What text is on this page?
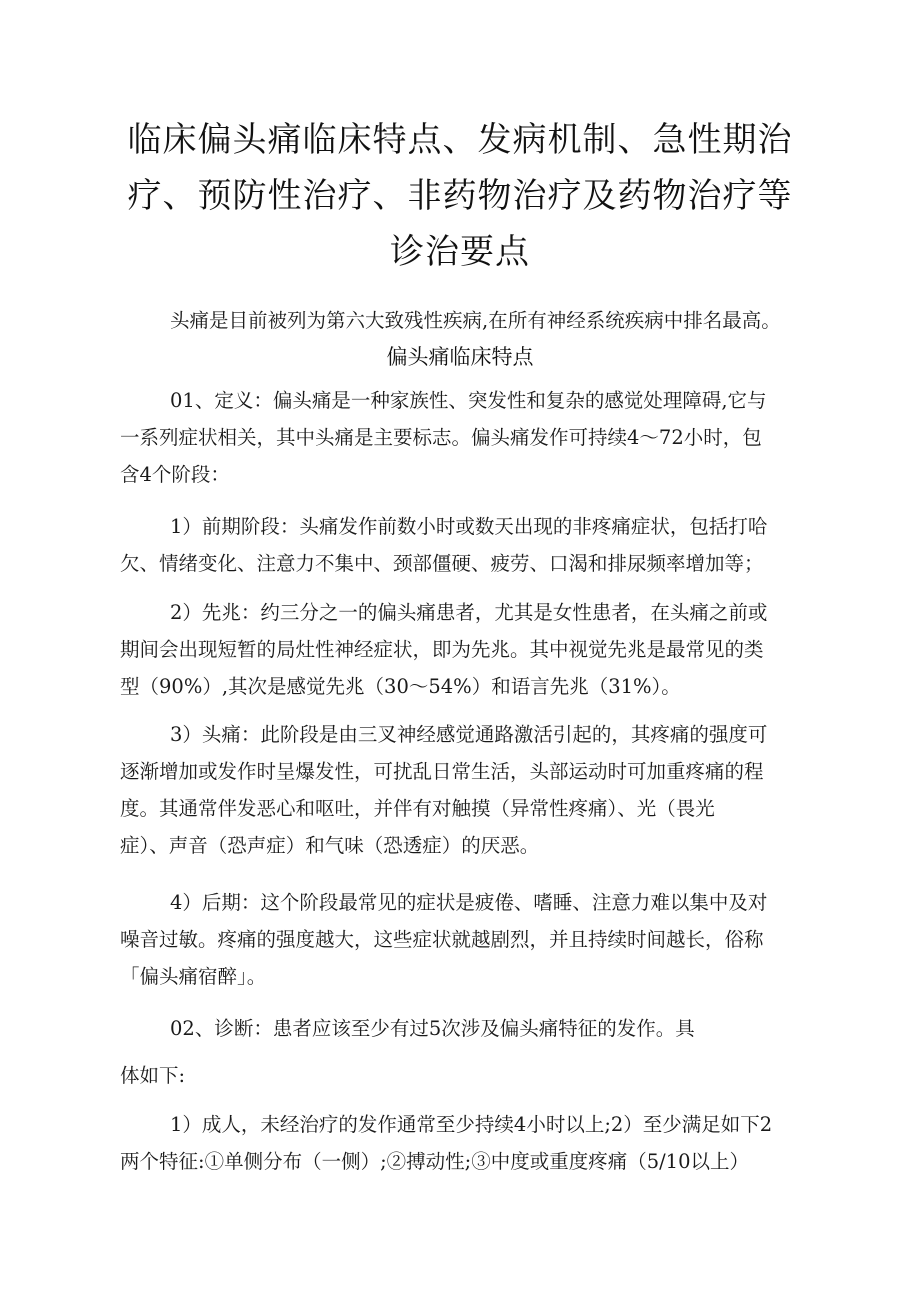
临床偏头痛临床特点、发病机制、急性期治
疗、预防性治疗、非药物治疗及药物治疗等
诊治要点

头痛是目前被列为第六大致残性疾病,在所有神经系统疾病中排名最高。

偏头痛临床特点

01、定义：偏头痛是一种家族性、突发性和复杂的感觉处理障碍,它与
一系列症状相关，其中头痛是主要标志。偏头痛发作可持续4～72小时，包
含4个阶段：

1）前期阶段：头痛发作前数小时或数天出现的非疼痛症状，包括打哈
欠、情绪变化、注意力不集中、颈部僵硬、疲劳、口渴和排尿频率增加等；

2）先兆：约三分之一的偏头痛患者，尤其是女性患者，在头痛之前或
期间会出现短暂的局灶性神经症状，即为先兆。其中视觉先兆是最常见的类
型（90%）,其次是感觉先兆（30～54%）和语言先兆（31%）。

3）头痛：此阶段是由三叉神经感觉通路激活引起的，其疼痛的强度可
逐渐增加或发作时呈爆发性，可扰乱日常生活，头部运动时可加重疼痛的程
度。其通常伴发恶心和呕吐，并伴有对触摸（异常性疼痛）、光（畏光
症）、声音（恐声症）和气味（恐透症）的厌恶。

4）后期：这个阶段最常见的症状是疲倦、嗜睡、注意力难以集中及对
噪音过敏。疼痛的强度越大，这些症状就越剧烈，并且持续时间越长，俗称
「偏头痛宿醉」。

02、诊断：患者应该至少有过5次涉及偏头痛特征的发作。具
体如下:

1）成人，未经治疗的发作通常至少持续4小时以上;2）至少满足如下2
两个特征:①单侧分布（一侧）;②搏动性;③中度或重度疼痛（5/10以上）
